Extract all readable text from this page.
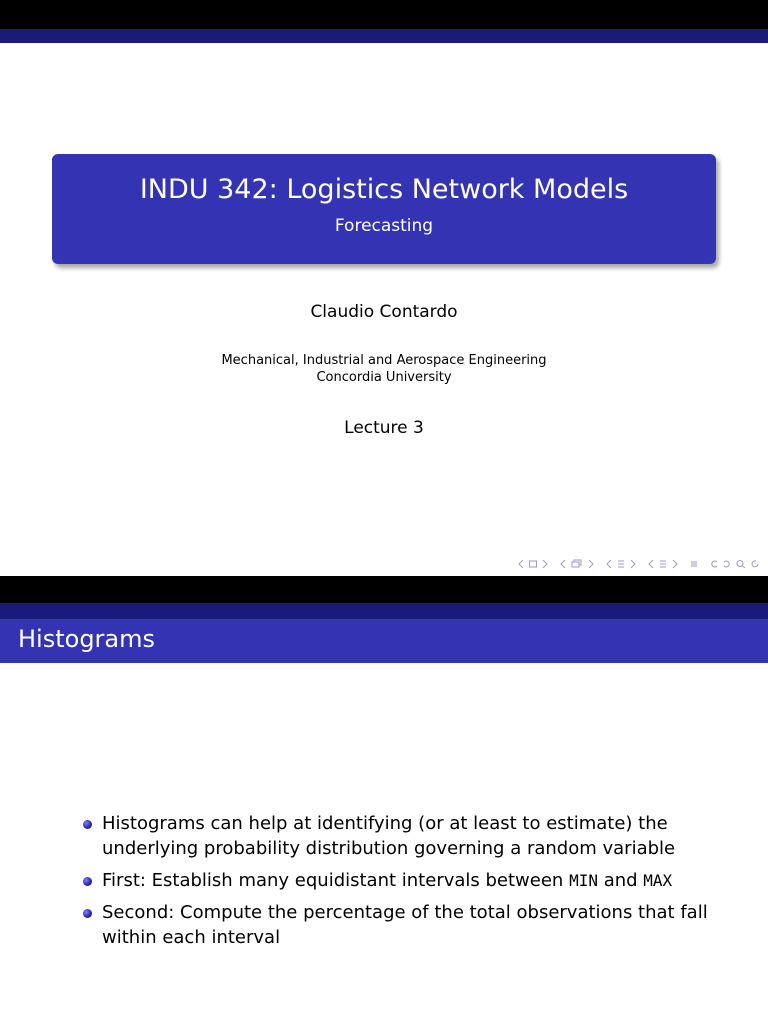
INDU 342: Logistics Network Models
Forecasting
Claudio Contardo
Mechanical, Industrial and Aerospace Engineering
Concordia University
Lecture 3
Histograms
Histograms can help at identifying (or at least to estimate) the underlying probability distribution governing a random variable
First: Establish many equidistant intervals between MIN and MAX
Second: Compute the percentage of the total observations that fall within each interval
